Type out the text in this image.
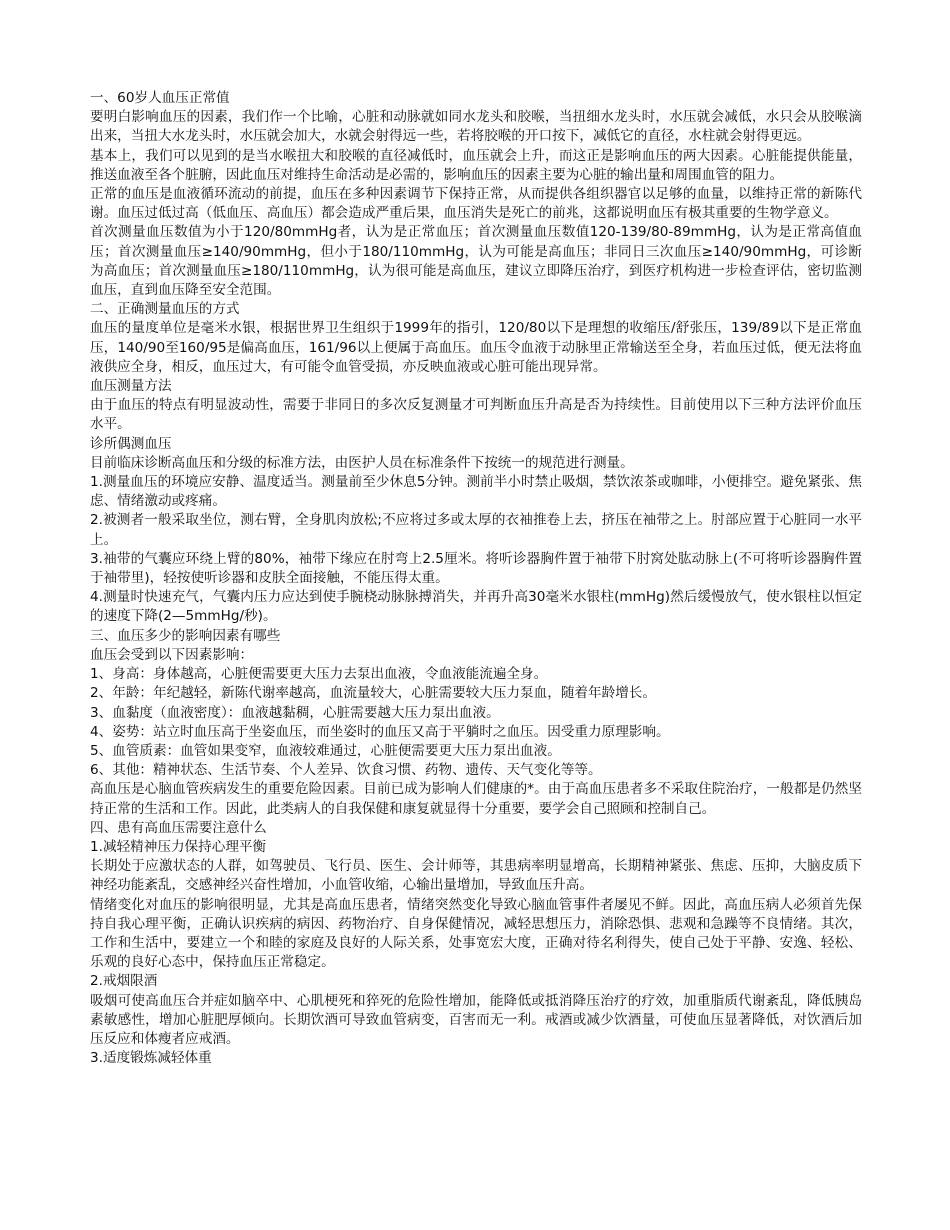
一、60岁人血压正常值

要明白影响血压的因素，我们作一个比喻，心脏和动脉就如同水龙头和胶喉，当扭细水龙头时，水压就会减低，水只会从胶喉滴出来，当扭大水龙头时，水压就会加大，水就会射得远一些，若将胶喉的开口按下，减低它的直径，水柱就会射得更远。

基本上，我们可以见到的是当水喉扭大和胶喉的直径减低时，血压就会上升，而这正是影响血压的两大因素。心脏能提供能量，推送血液至各个脏腑，因此血压对维持生命活动是必需的，影响血压的因素主要为心脏的输出量和周围血管的阻力。

正常的血压是血液循环流动的前提，血压在多种因素调节下保持正常，从而提供各组织器官以足够的血量，以维持正常的新陈代谢。血压过低过高（低血压、高血压）都会造成严重后果，血压消失是死亡的前兆，这都说明血压有极其重要的生物学意义。

首次测量血压数值为小于120/80mmHg者，认为是正常血压；首次测量血压数值120-139/80-89mmHg，认为是正常高值血压；首次测量血压≥140/90mmHg，但小于180/110mmHg，认为可能是高血压；非同日三次血压≥140/90mmHg，可诊断为高血压；首次测量血压≥180/110mmHg，认为很可能是高血压，建议立即降压治疗，到医疗机构进一步检查评估，密切监测血压，直到血压降至安全范围。

二、正确测量血压的方式

血压的量度单位是毫米水银，根据世界卫生组织于1999年的指引，120/80以下是理想的收缩压/舒张压，139/89以下是正常血压，140/90至160/95是偏高血压，161/96以上便属于高血压。血压令血液于动脉里正常输送至全身，若血压过低，便无法将血液供应全身，相反，血压过大，有可能令血管受损，亦反映血液或心脏可能出现异常。

血压测量方法

由于血压的特点有明显波动性，需要于非同日的多次反复测量才可判断血压升高是否为持续性。目前使用以下三种方法评价血压水平。

诊所偶测血压

目前临床诊断高血压和分级的标准方法，由医护人员在标准条件下按统一的规范进行测量。

1.测量血压的环境应安静、温度适当。测量前至少休息5分钟。测前半小时禁止吸烟，禁饮浓茶或咖啡，小便排空。避免紧张、焦虑、情绪激动或疼痛。

2.被测者一般采取坐位，测右臂，全身肌肉放松;不应将过多或太厚的衣袖推卷上去，挤压在袖带之上。肘部应置于心脏同一水平上。

3.袖带的气囊应环绕上臂的80%，袖带下缘应在肘弯上2.5厘米。将听诊器胸件置于袖带下肘窝处肱动脉上(不可将听诊器胸件置于袖带里)，轻按使听诊器和皮肤全面接触，不能压得太重。

4.测量时快速充气，气囊内压力应达到使手腕桡动脉脉搏消失，并再升高30毫米水银柱(mmHg)然后缓慢放气，使水银柱以恒定的速度下降(2—5mmHg/秒)。

三、血压多少的影响因素有哪些

血压会受到以下因素影响：

1、身高：身体越高，心脏便需要更大压力去泵出血液，令血液能流遍全身。

2、年龄：年纪越轻，新陈代谢率越高，血流量较大，心脏需要较大压力泵血，随着年龄增长。

3、血黏度（血液密度）：血液越黏稠，心脏需要越大压力泵出血液。

4、姿势：站立时血压高于坐姿血压，而坐姿时的血压又高于平躺时之血压。因受重力原理影响。

5、血管质素：血管如果变窄，血液较难通过，心脏便需要更大压力泵出血液。

6、其他：精神状态、生活节奏、个人差异、饮食习惯、药物、遗传、天气变化等等。

高血压是心脑血管疾病发生的重要危险因素。目前已成为影响人们健康的*。由于高血压患者多不采取住院治疗，一般都是仍然坚持正常的生活和工作。因此，此类病人的自我保健和康复就显得十分重要，要学会自己照顾和控制自己。

四、患有高血压需要注意什么

1.减轻精神压力保持心理平衡

长期处于应激状态的人群，如驾驶员、飞行员、医生、会计师等，其患病率明显增高，长期精神紧张、焦虑、压抑，大脑皮质下神经功能紊乱，交感神经兴奋性增加，小血管收缩，心输出量增加，导致血压升高。

情绪变化对血压的影响很明显，尤其是高血压患者，情绪突然变化导致心脑血管事件者屡见不鲜。因此，高血压病人必须首先保持自我心理平衡，正确认识疾病的病因、药物治疗、自身保健情况，减轻思想压力，消除恐惧、悲观和急躁等不良情绪。其次，工作和生活中，要建立一个和睦的家庭及良好的人际关系，处事宽宏大度，正确对待名利得失，使自己处于平静、安逸、轻松、乐观的良好心态中，保持血压正常稳定。

2.戒烟限酒

吸烟可使高血压合并症如脑卒中、心肌梗死和猝死的危险性增加，能降低或抵消降压治疗的疗效，加重脂质代谢紊乱，降低胰岛素敏感性，增加心脏肥厚倾向。长期饮酒可导致血管病变，百害而无一利。戒酒或减少饮酒量，可使血压显著降低，对饮酒后加压反应和体瘦者应戒酒。

3.适度锻炼减轻体重
